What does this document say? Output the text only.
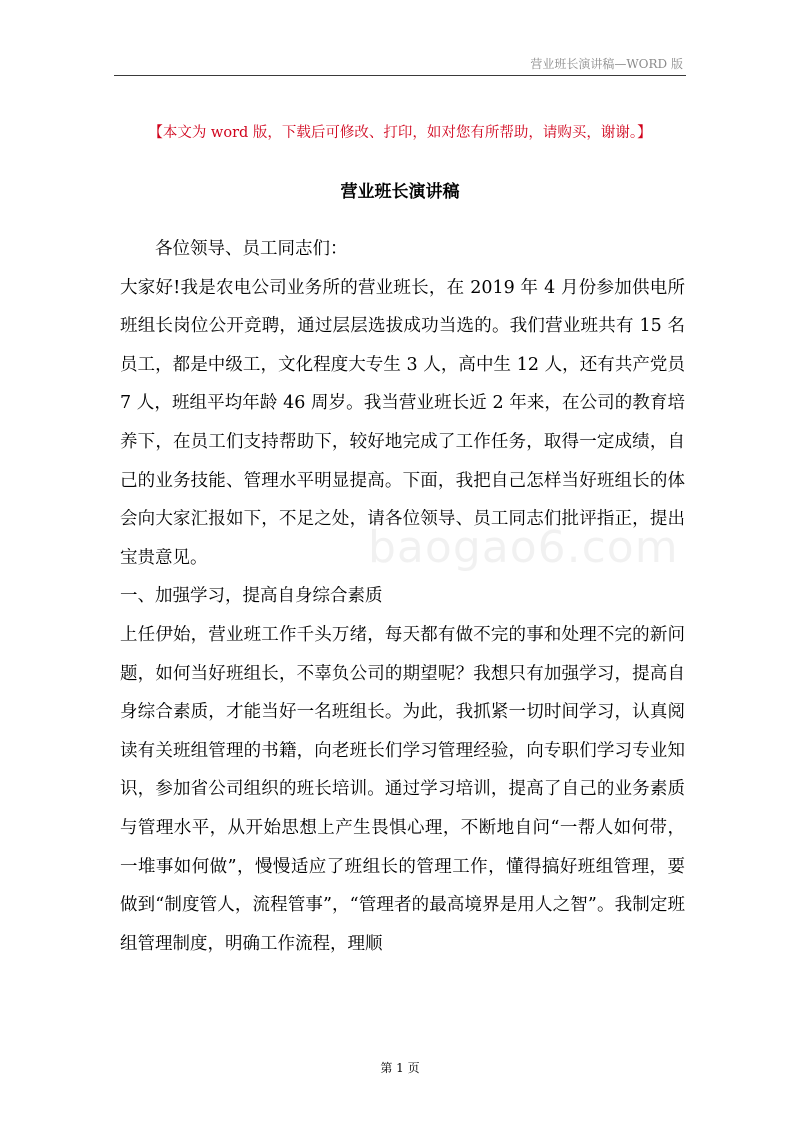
营业班长演讲稿—WORD 版
【本文为 word 版，下载后可修改、打印，如对您有所帮助，请购买，谢谢。】
营业班长演讲稿

各位领导、员工同志们：

大家好!我是农电公司业务所的营业班长，在 2019 年 4 月份参加供电所班组长岗位公开竞聘，通过层层选拔成功当选的。我们营业班共有 15 名员工，都是中级工，文化程度大专生 3 人，高中生 12 人，还有共产党员 7 人，班组平均年龄 46 周岁。我当营业班长近 2 年来，在公司的教育培养下，在员工们支持帮助下，较好地完成了工作任务，取得一定成绩，自己的业务技能、管理水平明显提高。下面，我把自己怎样当好班组长的体会向大家汇报如下，不足之处，请各位领导、员工同志们批评指正，提出宝贵意见。

一、加强学习，提高自身综合素质

上任伊始，营业班工作千头万绪，每天都有做不完的事和处理不完的新问题，如何当好班组长，不辜负公司的期望呢？我想只有加强学习，提高自身综合素质，才能当好一名班组长。为此，我抓紧一切时间学习，认真阅读有关班组管理的书籍，向老班长们学习管理经验，向专职们学习专业知识，参加省公司组织的班长培训。通过学习培训，提高了自己的业务素质与管理水平，从开始思想上产生畏惧心理，不断地自问“一帮人如何带，一堆事如何做”，慢慢适应了班组长的管理工作，懂得搞好班组管理，要做到“制度管人，流程管事”，“管理者的最高境界是用人之智”。我制定班组管理制度，明确工作流程，理顺

baogao6.com
第 1 页
